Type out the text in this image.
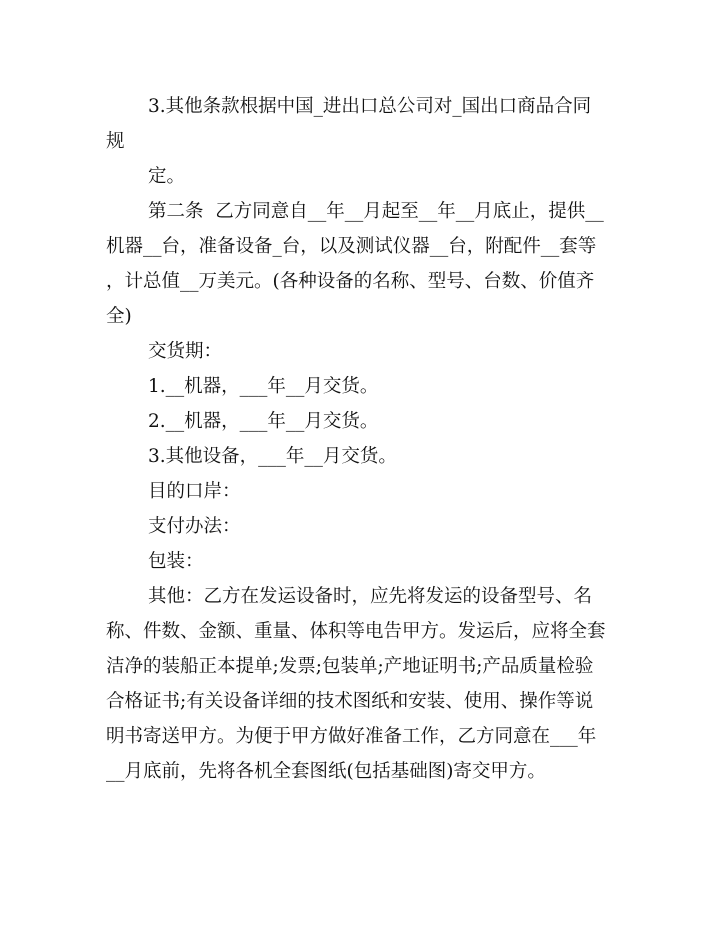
3.其他条款根据中国_进出口总公司对_国出口商品合同
规
定。
第二条  乙方同意自__年__月起至__年__月底止，提供__
机器__台，准备设备_台，以及测试仪器__台，附配件__套等
，计总值__万美元。(各种设备的名称、型号、台数、价值齐
全)
交货期：
1.__机器，___年__月交货。
2.__机器，___年__月交货。
3.其他设备，___年__月交货。
目的口岸：
支付办法：
包装：
其他：乙方在发运设备时，应先将发运的设备型号、名
称、件数、金额、重量、体积等电告甲方。发运后，应将全套
洁净的装船正本提单;发票;包装单;产地证明书;产品质量检验
合格证书;有关设备详细的技术图纸和安装、使用、操作等说
明书寄送甲方。为便于甲方做好准备工作，乙方同意在___年
__月底前，先将各机全套图纸(包括基础图)寄交甲方。
